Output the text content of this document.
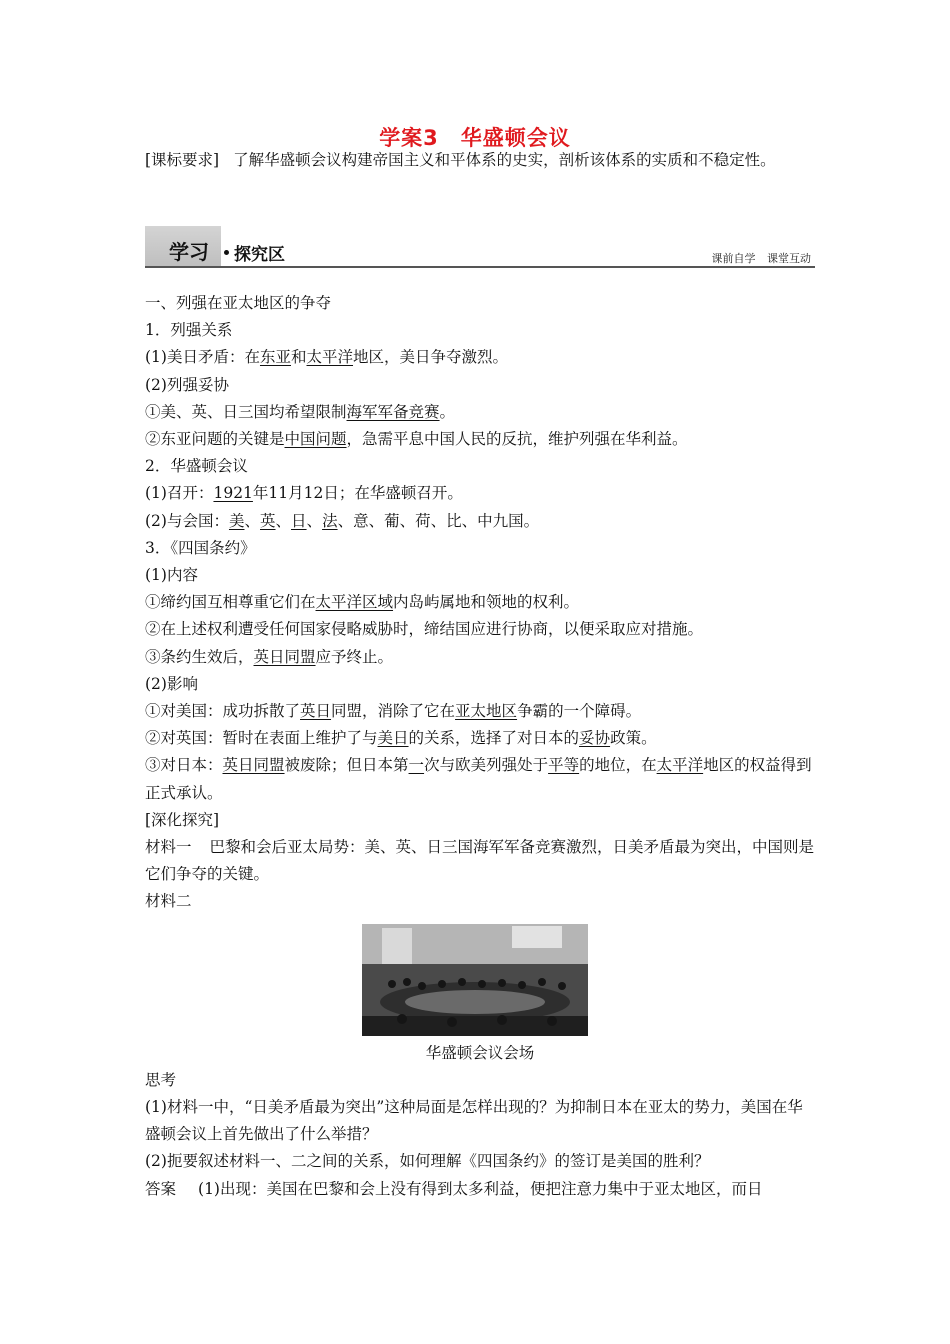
学案3　华盛顿会议
[课标要求] 了解华盛顿会议构建帝国主义和平体系的史实，剖析该体系的实质和不稳定性。
学习 探究区	课前自学 课堂互动
一、列强在亚太地区的争夺
1．列强关系
(1)美日矛盾：在东亚和太平洋地区，美日争夺激烈。
(2)列强妥协
①美、英、日三国均希望限制海军军备竞赛。
②东亚问题的关键是中国问题，急需平息中国人民的反抗，维护列强在华利益。
2．华盛顿会议
(1)召开：1921年11月12日；在华盛顿召开。
(2)与会国：美、英、日、法、意、葡、荷、比、中九国。
3．《四国条约》
(1)内容
①缔约国互相尊重它们在太平洋区域内岛屿属地和领地的权利。
②在上述权利遭受任何国家侵略威胁时，缔结国应进行协商，以便采取应对措施。
③条约生效后，英日同盟应予终止。
(2)影响
①对美国：成功拆散了英日同盟，消除了它在亚太地区争霸的一个障碍。
②对英国：暂时在表面上维护了与美日的关系，选择了对日本的妥协政策。
③对日本：英日同盟被废除；但日本第一次与欧美列强处于平等的地位，在太平洋地区的权益得到正式承认。
[深化探究]
材料一 巴黎和会后亚太局势：美、英、日三国海军军备竞赛激烈，日美矛盾最为突出，中国则是它们争夺的关键。
材料二
华盛顿会议会场
思考
(1)材料一中，“日美矛盾最为突出”这种局面是怎样出现的？为抑制日本在亚太的势力，美国在华盛顿会议上首先做出了什么举措？
(2)扼要叙述材料一、二之间的关系，如何理解《四国条约》的签订是美国的胜利？
答案 (1)出现：美国在巴黎和会上没有得到太多利益，便把注意力集中于亚太地区，而日
